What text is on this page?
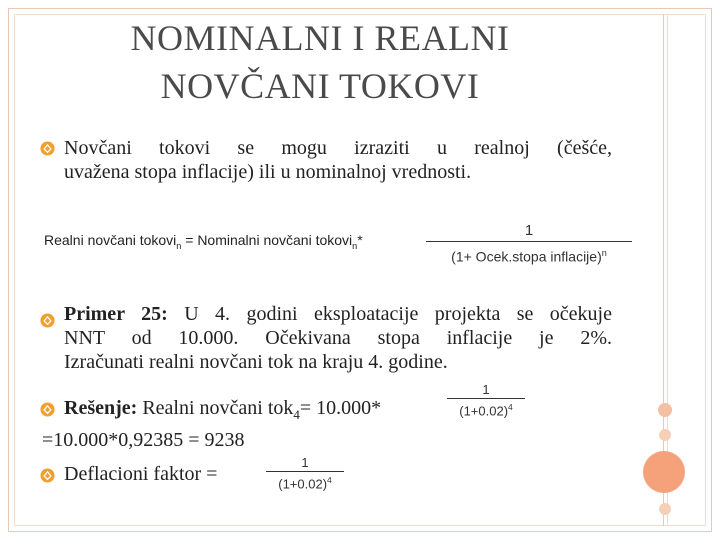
NOMINALNI I REALNI
NOVČANI TOKOVI
Novčani tokovi se mogu izraziti u realnoj (češće,
uvažena stopa inflacije) ili u nominalnoj vrednosti.
Realni novčani tokovi$_n$ = Nominalni novčani tokovi$_n$*
1
(1+ Ocek.stopa inflacije)$^n$
Primer 25: U 4. godini eksploatacije projekta se očekuje
NNT od 10.000. Očekivana stopa inflacije je 2%.
Izračunati realni novčani tok na kraju 4. godine.
Rešenje: Realni novčani tok$_4$= 10.000*
1
$(1+0.02)^4$
=10.000*0,92385 = 9238
Deflacioni faktor =
1
$(1+0.02)^4$
